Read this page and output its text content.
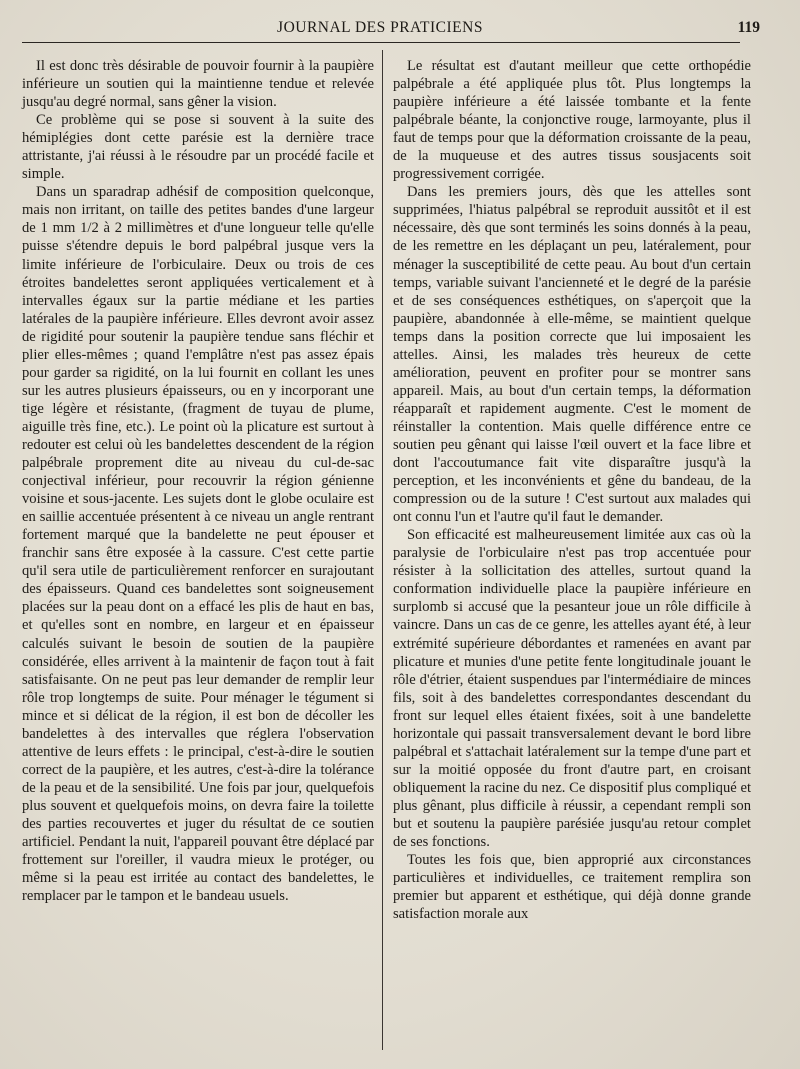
JOURNAL DES PRATICIENS	119

Il est donc très désirable de pouvoir fournir à la paupière inférieure un soutien qui la maintienne tendue et relevée jusqu'au degré normal, sans gêner la vision.

Ce problème qui se pose si souvent à la suite des hémiplégies dont cette parésie est la dernière trace attristante, j'ai réussi à le résoudre par un procédé facile et simple.

Dans un sparadrap adhésif de composition quelconque, mais non irritant, on taille des petites bandes d'une largeur de 1 mm 1/2 à 2 millimètres et d'une longueur telle qu'elle puisse s'étendre depuis le bord palpébral jusque vers la limite inférieure de l'orbiculaire. Deux ou trois de ces étroites bandelettes seront appliquées verticalement et à intervalles égaux sur la partie médiane et les parties latérales de la paupière inférieure. Elles devront avoir assez de rigidité pour soutenir la paupière tendue sans fléchir et plier elles-mêmes ; quand l'emplâtre n'est pas assez épais pour garder sa rigidité, on la lui fournit en collant les unes sur les autres plusieurs épaisseurs, ou en y incorporant une tige légère et résistante, (fragment de tuyau de plume, aiguille très fine, etc.). Le point où la plicature est surtout à redouter est celui où les bandelettes descendent de la région palpébrale proprement dite au niveau du cul-de-sac conjectival inférieur, pour recouvrir la région génienne voisine et sous-jacente. Les sujets dont le globe oculaire est en saillie accentuée présentent à ce niveau un angle rentrant fortement marqué que la bandelette ne peut épouser et franchir sans être exposée à la cassure. C'est cette partie qu'il sera utile de particulièrement renforcer en surajoutant des épaisseurs. Quand ces bandelettes sont soigneusement placées sur la peau dont on a effacé les plis de haut en bas, et qu'elles sont en nombre, en largeur et en épaisseur calculés suivant le besoin de soutien de la paupière considérée, elles arrivent à la maintenir de façon tout à fait satisfaisante. On ne peut pas leur demander de remplir leur rôle trop longtemps de suite. Pour ménager le tégument si mince et si délicat de la région, il est bon de décoller les bandelettes à des intervalles que réglera l'observation attentive de leurs effets : le principal, c'est-à-dire le soutien correct de la paupière, et les autres, c'est-à-dire la tolérance de la peau et de la sensibilité. Une fois par jour, quelquefois plus souvent et quelquefois moins, on devra faire la toilette des parties recouvertes et juger du résultat de ce soutien artificiel. Pendant la nuit, l'appareil pouvant être déplacé par frottement sur l'oreiller, il vaudra mieux le protéger, ou même si la peau est irritée au contact des bandelettes, le remplacer par le tampon et le bandeau usuels.

Le résultat est d'autant meilleur que cette orthopédie palpébrale a été appliquée plus tôt. Plus longtemps la paupière inférieure a été laissée tombante et la fente palpébrale béante, la conjonctive rouge, larmoyante, plus il faut de temps pour que la déformation croissante de la peau, de la muqueuse et des autres tissus sousjacents soit progressivement corrigée.

Dans les premiers jours, dès que les attelles sont supprimées, l'hiatus palpébral se reproduit aussitôt et il est nécessaire, dès que sont terminés les soins donnés à la peau, de les remettre en les déplaçant un peu, latéralement, pour ménager la susceptibilité de cette peau. Au bout d'un certain temps, variable suivant l'ancienneté et le degré de la parésie et de ses conséquences esthétiques, on s'aperçoit que la paupière, abandonnée à elle-même, se maintient quelque temps dans la position correcte que lui imposaient les attelles. Ainsi, les malades très heureux de cette amélioration, peuvent en profiter pour se montrer sans appareil. Mais, au bout d'un certain temps, la déformation réapparaît et rapidement augmente. C'est le moment de réinstaller la contention. Mais quelle différence entre ce soutien peu gênant qui laisse l'œil ouvert et la face libre et dont l'accoutumance fait vite disparaître jusqu'à la perception, et les inconvénients et gêne du bandeau, de la compression ou de la suture ! C'est surtout aux malades qui ont connu l'un et l'autre qu'il faut le demander.

Son efficacité est malheureusement limitée aux cas où la paralysie de l'orbiculaire n'est pas trop accentuée pour résister à la sollicitation des attelles, surtout quand la conformation individuelle place la paupière inférieure en surplomb si accusé que la pesanteur joue un rôle difficile à vaincre. Dans un cas de ce genre, les attelles ayant été, à leur extrémité supérieure débordantes et ramenées en avant par plicature et munies d'une petite fente longitudinale jouant le rôle d'étrier, étaient suspendues par l'intermédiaire de minces fils, soit à des bandelettes correspondantes descendant du front sur lequel elles étaient fixées, soit à une bandelette horizontale qui passait transversalement devant le bord libre palpébral et s'attachait latéralement sur la tempe d'une part et sur la moitié opposée du front d'autre part, en croisant obliquement la racine du nez. Ce dispositif plus compliqué et plus gênant, plus difficile à réussir, a cependant rempli son but et soutenu la paupière parésiée jusqu'au retour complet de ses fonctions.

Toutes les fois que, bien approprié aux circonstances particulières et individuelles, ce traitement remplira son premier but apparent et esthétique, qui déjà donne grande satisfaction morale aux
